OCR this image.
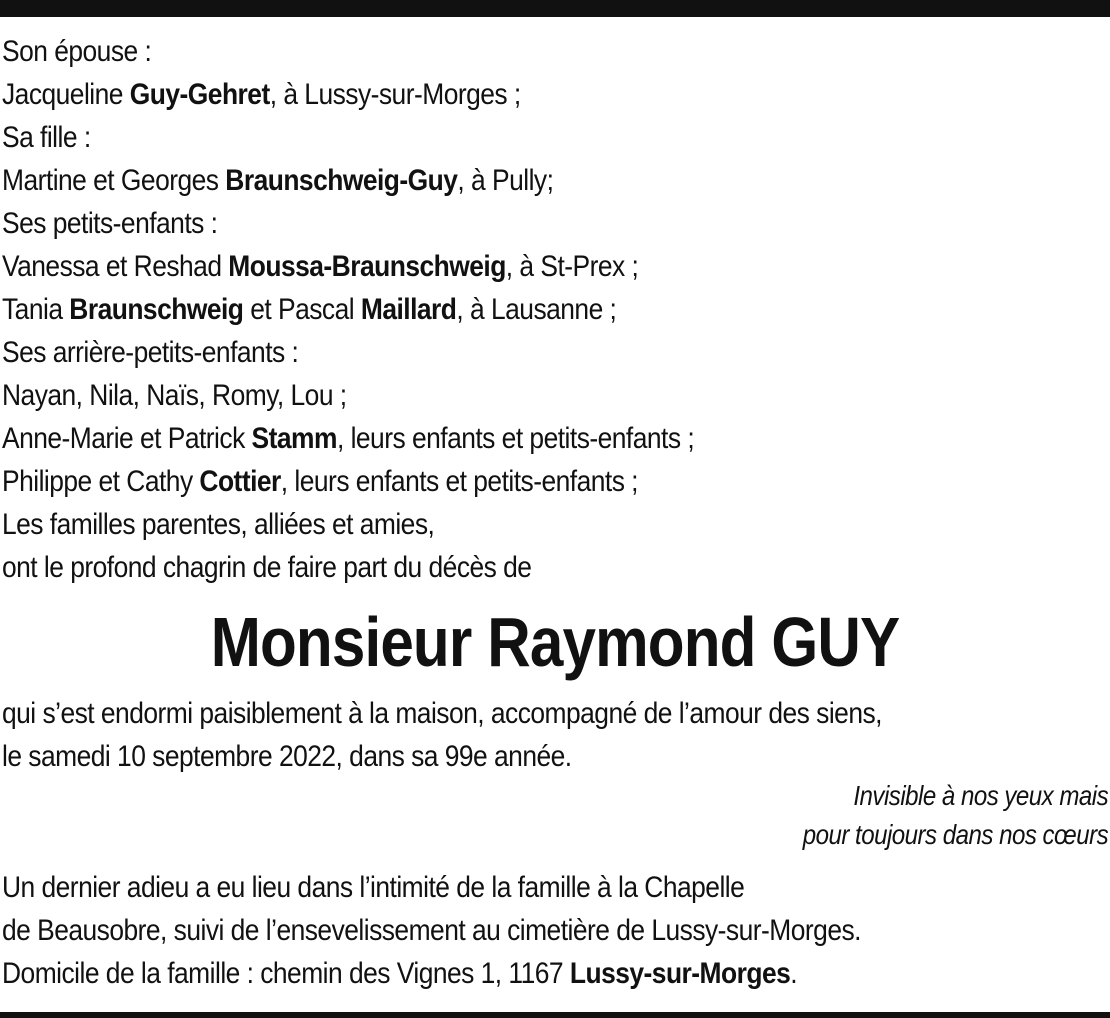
Son épouse :
Jacqueline Guy-Gehret, à Lussy-sur-Morges ;
Sa fille :
Martine et Georges Braunschweig-Guy, à Pully;
Ses petits-enfants :
Vanessa et Reshad Moussa-Braunschweig, à St-Prex ;
Tania Braunschweig et Pascal Maillard, à Lausanne ;
Ses arrière-petits-enfants :
Nayan, Nila, Naïs, Romy, Lou ;
Anne-Marie et Patrick Stamm, leurs enfants et petits-enfants ;
Philippe et Cathy Cottier, leurs enfants et petits-enfants ;
Les familles parentes, alliées et amies,
ont le profond chagrin de faire part du décès de
Monsieur Raymond GUY
qui s’est endormi paisiblement à la maison, accompagné de l’amour des siens,
le samedi 10 septembre 2022, dans sa 99e année.
Invisible à nos yeux mais
pour toujours dans nos cœurs
Un dernier adieu a eu lieu dans l’intimité de la famille à la Chapelle
de Beausobre, suivi de l’ensevelissement au cimetière de Lussy-sur-Morges.
Domicile de la famille : chemin des Vignes 1, 1167 Lussy-sur-Morges.
